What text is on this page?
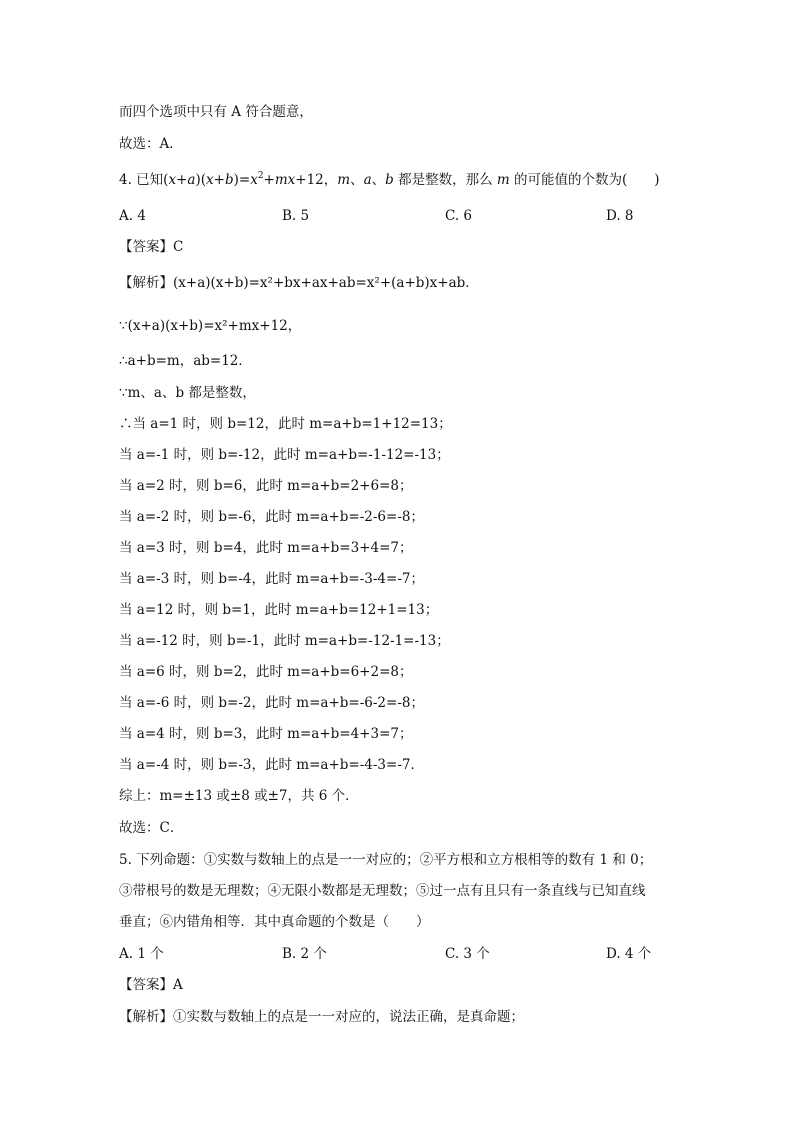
而四个选项中只有 A 符合题意，
故选：A．
4. 已知$(x+a)(x+b)=x^2+mx+12$，m、a、b 都是整数，那么 m 的可能值的个数为(　　)
A. 4	B. 5	C. 6	D. 8
【答案】C
【解析】(x+a)(x+b)=x²+bx+ax+ab=x²+(a+b)x+ab．
∵(x+a)(x+b)=x²+mx+12，
∴a+b=m，ab=12．
∵m、a、b 都是整数，
∴当 a=1 时，则 b=12，此时 m=a+b=1+12=13；
当 a=-1 时，则 b=-12，此时 m=a+b=-1-12=-13；
当 a=2 时，则 b=6，此时 m=a+b=2+6=8；
当 a=-2 时，则 b=-6，此时 m=a+b=-2-6=-8；
当 a=3 时，则 b=4，此时 m=a+b=3+4=7；
当 a=-3 时，则 b=-4，此时 m=a+b=-3-4=-7；
当 a=12 时，则 b=1，此时 m=a+b=12+1=13；
当 a=-12 时，则 b=-1，此时 m=a+b=-12-1=-13；
当 a=6 时，则 b=2，此时 m=a+b=6+2=8；
当 a=-6 时，则 b=-2，此时 m=a+b=-6-2=-8；
当 a=4 时，则 b=3，此时 m=a+b=4+3=7；
当 a=-4 时，则 b=-3，此时 m=a+b=-4-3=-7．
综上：m=±13 或±8 或±7，共 6 个．
故选：C．
5. 下列命题：①实数与数轴上的点是一一对应的；②平方根和立方根相等的数有 1 和 0；
③带根号的数是无理数；④无限小数都是无理数；⑤过一点有且只有一条直线与已知直线
垂直；⑥内错角相等．其中真命题的个数是（　　）
A. 1 个	B. 2 个	C. 3 个	D. 4 个
【答案】A
【解析】①实数与数轴上的点是一一对应的，说法正确，是真命题；
